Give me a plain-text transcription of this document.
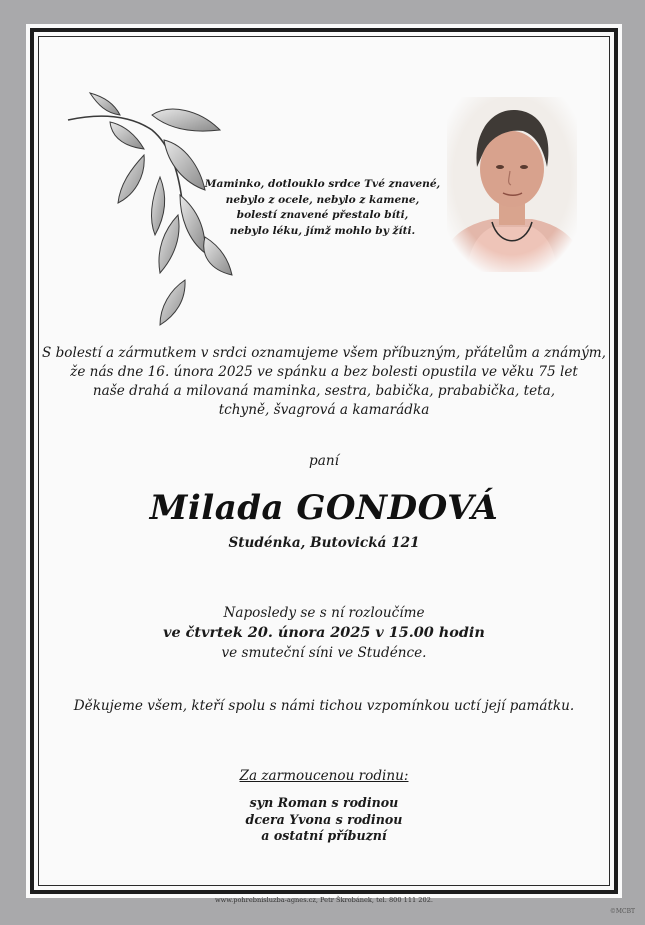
Maminko, dotlouklo srdce Tvé znavené,
nebylo z ocele, nebylo z kamene,
bolestí znavené přestalo bíti,
nebylo léku, jímž mohlo by žíti.
S bolestí a zármutkem v srdci oznamujeme všem příbuzným, přátelům a známým,
že nás dne 16. února 2025 ve spánku a bez bolesti opustila ve věku 75 let
naše drahá a milovaná maminka, sestra, babička, prababička, teta,
tchyně, švagrová a kamarádka
paní
Milada GONDOVÁ
Studénka, Butovická 121
Naposledy se s ní rozloučíme
ve čtvrtek 20. února 2025 v 15.00 hodin
ve smuteční síni ve Studénce.
Děkujeme všem, kteří spolu s námi tichou vzpomínkou uctí její památku.
Za zarmoucenou rodinu:
syn Roman s rodinou
dcera Yvona s rodinou
a ostatní příbuzní
www.pohrebnisluzba-agnes.cz, Petr Škrobánek, tel. 800 111 202.
©MCBT
